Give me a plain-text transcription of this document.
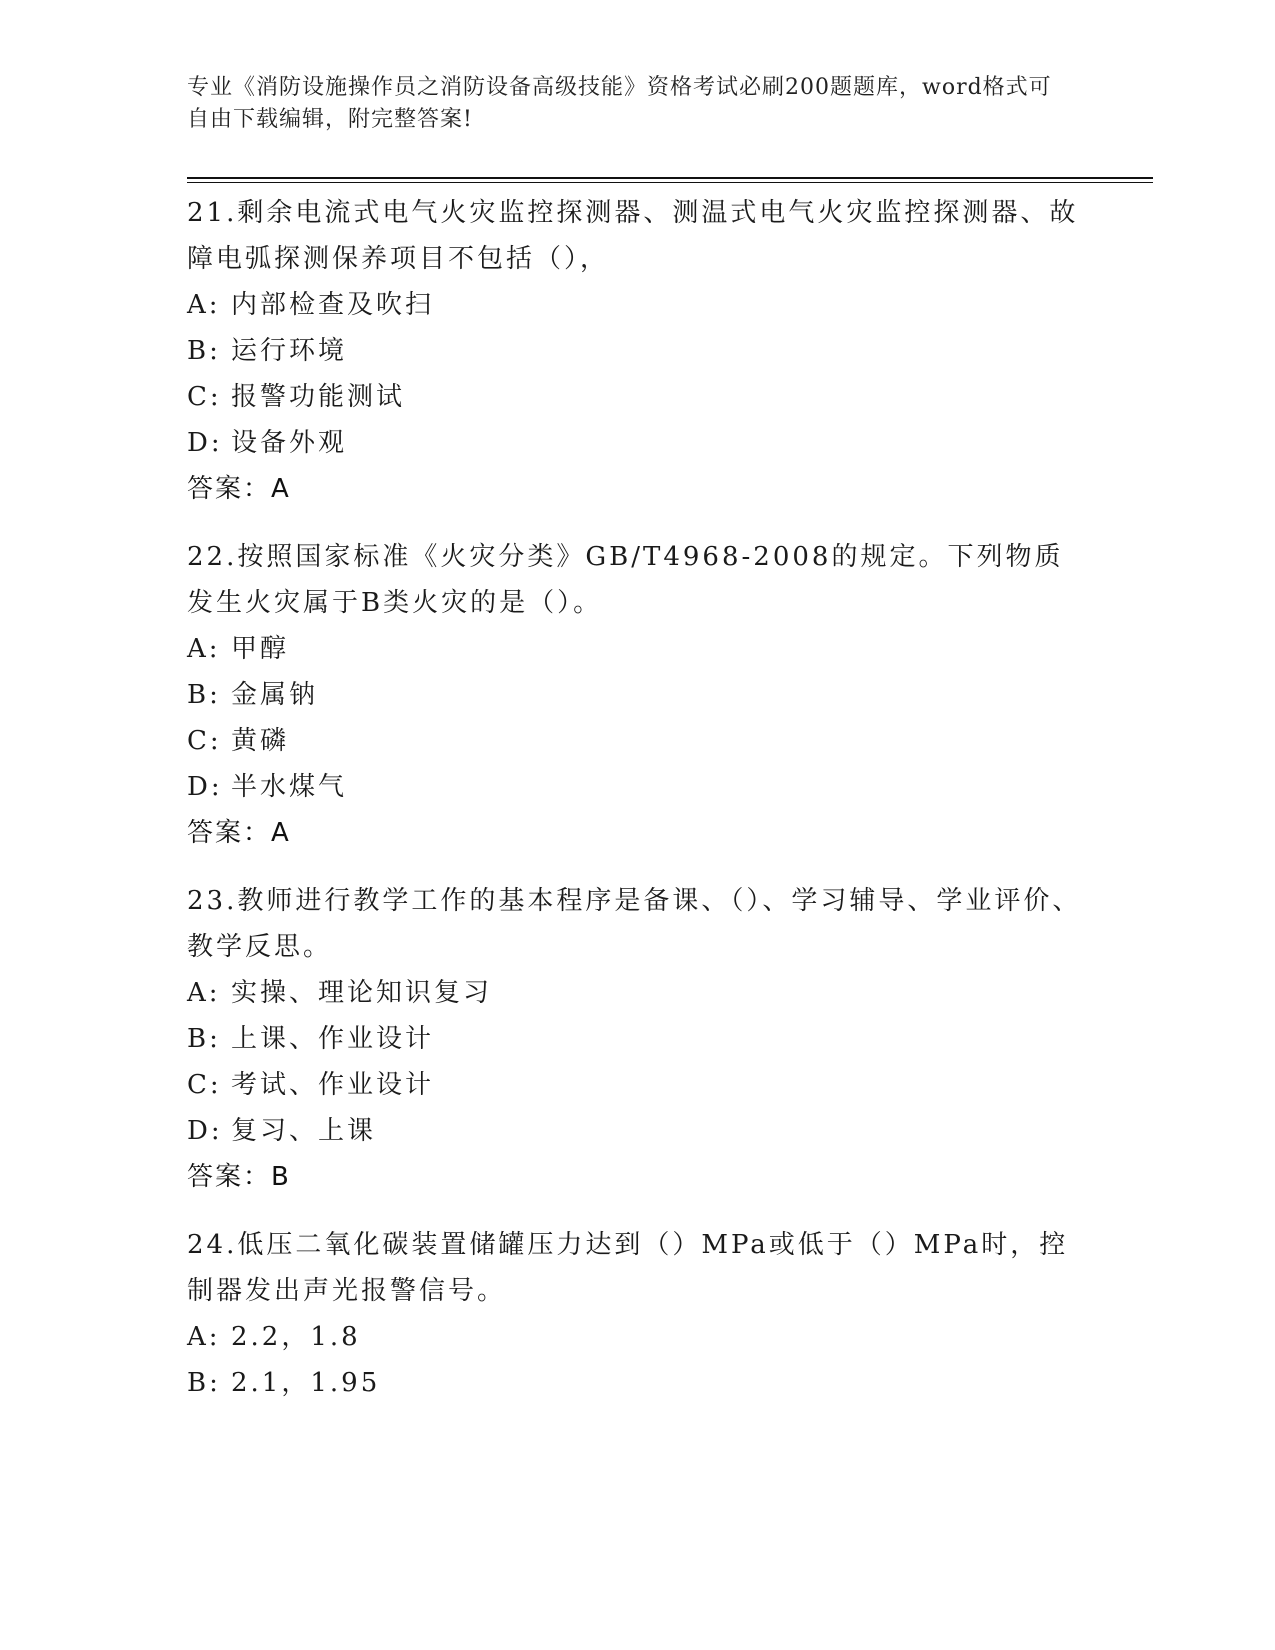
专业《消防设施操作员之消防设备高级技能》资格考试必刷200题题库，word格式可自由下载编辑，附完整答案!
21.剩余电流式电气火灾监控探测器、测温式电气火灾监控探测器、故障电弧探测保养项目不包括（），
A: 内部检查及吹扫
B: 运行环境
C: 报警功能测试
D: 设备外观
答案：A
22.按照国家标准《火灾分类》GB/T4968-2008的规定。下列物质发生火灾属于B类火灾的是（）。
A: 甲醇
B: 金属钠
C: 黄磷
D: 半水煤气
答案：A
23.教师进行教学工作的基本程序是备课、（）、学习辅导、学业评价、教学反思。
A: 实操、理论知识复习
B: 上课、作业设计
C: 考试、作业设计
D: 复习、上课
答案：B
24.低压二氧化碳装置储罐压力达到（）MPa或低于（）MPa时，控制器发出声光报警信号。
A: 2.2，1.8
B: 2.1，1.95
